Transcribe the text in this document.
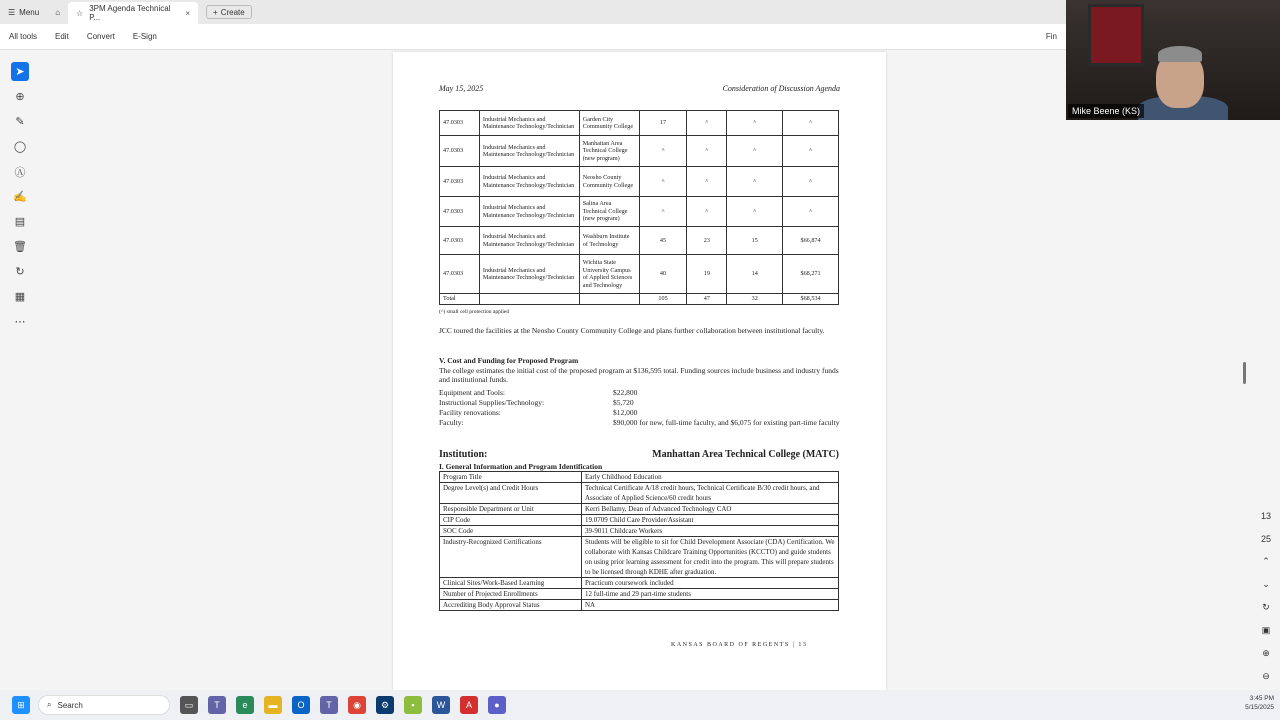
☰ Menu ⌂ ☆ 3PM Agenda Technical P...	×	+ Create
All tools	Edit	Convert	E-Sign	Fin
➤
⊕
✎
◯
Ⓐ
✍
▤
🗑
↻
▦
⋯
May 15, 2025	Consideration of Discussion Agenda
47.0303	Industrial Mechanics and Maintenance Technology/Technician	Garden City Community College	17	^	^	^
47.0303	Industrial Mechanics and Maintenance Technology/Technician	Manhattan Area Technical College (new program)	^	^	^	^
47.0303	Industrial Mechanics and Maintenance Technology/Technician	Neosho County Community College	^	^	^	^
47.0303	Industrial Mechanics and Maintenance Technology/Technician	Salina Area Technical College (new program)	^	^	^	^
47.0303	Industrial Mechanics and Maintenance Technology/Technician	Washburn Institute of Technology	45	23	15	$66,874
47.0303	Industrial Mechanics and Maintenance Technology/Technician	Wichita State University Campus of Applied Sciences and Technology	40	19	14	$68,271
Total			105	47	32	$68,534
(^) small cell protection applied
JCC toured the facilities at the Neosho County Community College and plans further collaboration between institutional faculty.
V. Cost and Funding for Proposed Program
The college estimates the initial cost of the proposed program at $136,595 total. Funding sources include business and industry funds and institutional funds.
Equipment and Tools:	$22,800
Instructional Supplies/Technology:	$5,720
Facility renovations:	$12,000
Faculty:	$90,000 for new, full-time faculty, and $6,075 for existing part-time faculty
Institution:	Manhattan Area Technical College (MATC)
I. General Information and Program Identification
Program Title	Early Childhood Education
Degree Level(s) and Credit Hours	Technical Certificate A/18 credit hours, Technical Certificate B/30 credit hours, and Associate of Applied Science/60 credit hours
Responsible Department or Unit	Kerri Bellamy, Dean of Advanced Technology CAO
CIP Code	19.0709 Child Care Provider/Assistant
SOC Code	39-9011 Childcare Workers
Industry-Recognized Certifications	Students will be eligible to sit for Child Development Associate (CDA) Certification. We collaborate with Kansas Childcare Training Opportunities (KCCTO) and guide students on using prior learning assessment for credit into the program. This will prepare students to be licensed through KDHE after graduation.
Clinical Sites/Work-Based Learning	Practicum coursework included
Number of Projected Enrollments	12 full-time and 29 part-time students
Accrediting Body Approval Status	NA
KANSAS BOARD OF REGENTS | 13
Mike Beene (KS)
13
25
⌃
⌄
↻
▣
⊕
⊖
⊞	⌕ Search	▭	T	e	▬	O	T	◉	⚙	▪	W	A	●
3:45 PM
5/15/2025
